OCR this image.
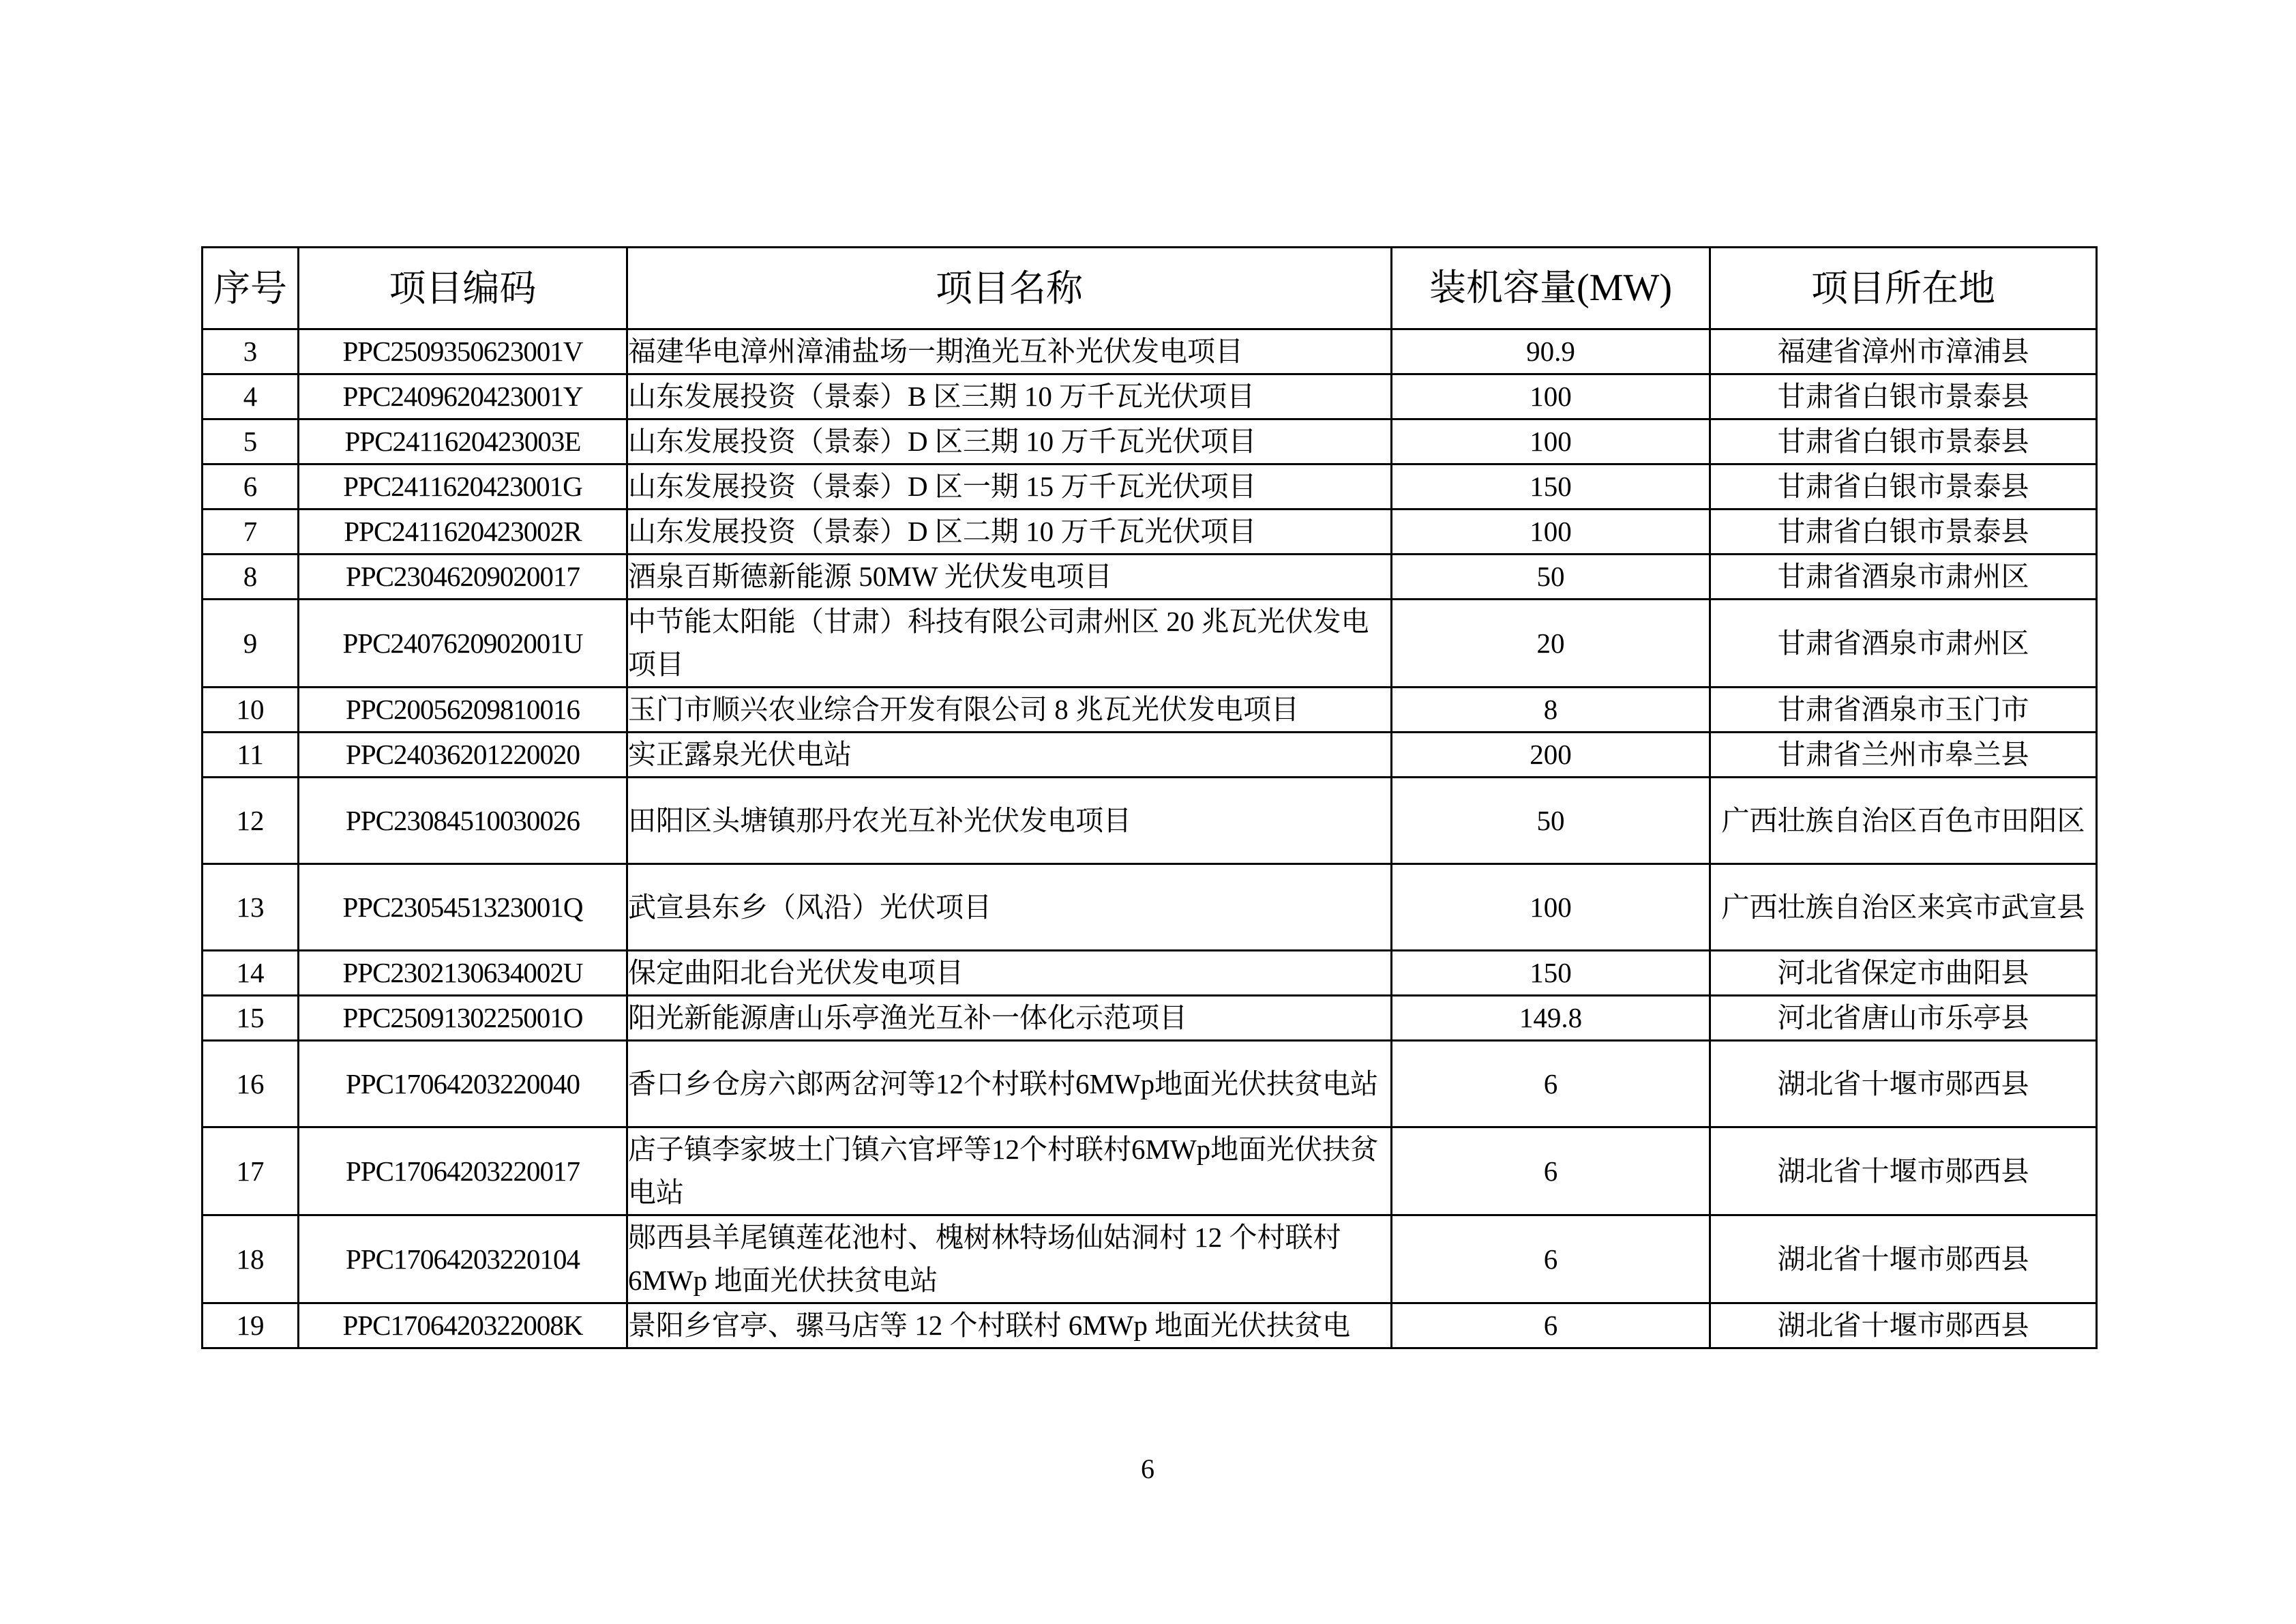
序号	项目编码	项目名称	装机容量(MW)	项目所在地
3	PPC2509350623001V	福建华电漳州漳浦盐场一期渔光互补光伏发电项目	90.9	福建省漳州市漳浦县
4	PPC2409620423001Y	山东发展投资（景泰）B 区三期 10 万千瓦光伏项目	100	甘肃省白银市景泰县
5	PPC2411620423003E	山东发展投资（景泰）D 区三期 10 万千瓦光伏项目	100	甘肃省白银市景泰县
6	PPC2411620423001G	山东发展投资（景泰）D 区一期 15 万千瓦光伏项目	150	甘肃省白银市景泰县
7	PPC2411620423002R	山东发展投资（景泰）D 区二期 10 万千瓦光伏项目	100	甘肃省白银市景泰县
8	PPC23046209020017	酒泉百斯德新能源 50MW 光伏发电项目	50	甘肃省酒泉市肃州区
9	PPC2407620902001U	中节能太阳能（甘肃）科技有限公司肃州区 20 兆瓦光伏发电项目	20	甘肃省酒泉市肃州区
10	PPC20056209810016	玉门市顺兴农业综合开发有限公司 8 兆瓦光伏发电项目	8	甘肃省酒泉市玉门市
11	PPC24036201220020	实正露泉光伏电站	200	甘肃省兰州市皋兰县
12	PPC23084510030026	田阳区头塘镇那丹农光互补光伏发电项目	50	广西壮族自治区百色市田阳区
13	PPC2305451323001Q	武宣县东乡（风沿）光伏项目	100	广西壮族自治区来宾市武宣县
14	PPC2302130634002U	保定曲阳北台光伏发电项目	150	河北省保定市曲阳县
15	PPC2509130225001O	阳光新能源唐山乐亭渔光互补一体化示范项目	149.8	河北省唐山市乐亭县
16	PPC17064203220040	香口乡仓房六郎两岔河等12个村联村6MWp地面光伏扶贫电站	6	湖北省十堰市郧西县
17	PPC17064203220017	店子镇李家坡土门镇六官坪等12个村联村6MWp地面光伏扶贫电站	6	湖北省十堰市郧西县
18	PPC17064203220104	郧西县羊尾镇莲花池村、槐树林特场仙姑洞村 12 个村联村 6MWp 地面光伏扶贫电站	6	湖北省十堰市郧西县
19	PPC1706420322008K	景阳乡官亭、骡马店等 12 个村联村 6MWp 地面光伏扶贫电	6	湖北省十堰市郧西县
6
